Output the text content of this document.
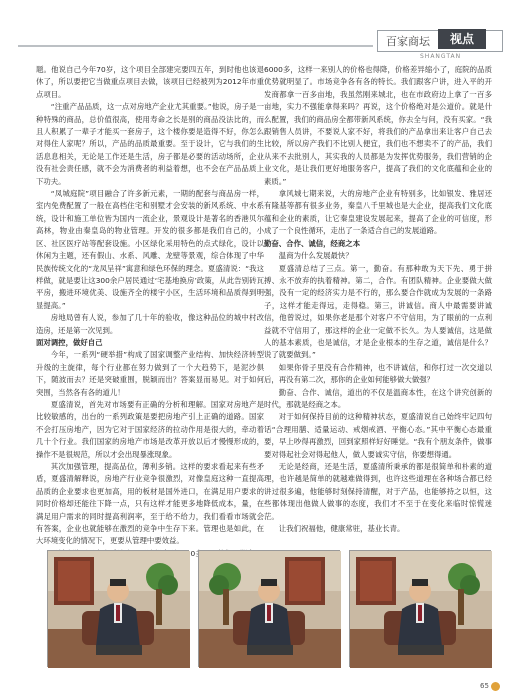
百家商坛	视点
SHANGTAN

题。他说自己今年70岁，这个项目全部建完要四五年，到时他也该退休了，所以要把它当做重点项目去做，该项目已经被列为2012年市重点项目。

“注重产品品质，这一点对房地产企业尤其重要。”他说，房子是一种特殊的商品，总价值很高，使用寿命之长是别的商品没法比的，而且人积累了一辈子才能买一套房子，这个楼你要是造得不好，你怎么对得住人家呢？所以，产品的品质最重要。至于设计，它与我们的生活息息相关，无论是工作还是生活，房子都是必要的活动场所，企业没有社会责任感，就不会为消费者的利益着想，也不会在产品品质上下功夫。

“凤城庭院”项目融合了许多新元素，一期的配套与商品房一样，室内免费配置了一般在高档住宅和别墅才会安装的新风系统、中水系统，设计和施工单位皆为国内一流企业，景观设计是著名的香港贝尔高林，物业由秦皇岛的物业管理。开发的很多都是我们自己的，小区、社区医疗站等配套设施。小区绿化采用特色的点式绿化，设计以休闲为主题，还有假山、水系、风雕、龙壁等景观，综合体现了中华民族传统文化的“龙凤呈祥”寓意和绿色环保的理念。夏盛清说：“我这样做，就是要让这300余户居民通过‘宅基地换房’政策，从此告别砖瓦平房，搬进环境优美、设施齐全的楼宇小区，生活环境和品质得到明显提高。”

房地局曾有人说，参加了几十年的验收，像这种品位的城中村改造房，还是第一次见到。

面对调控，做好自己

今年，一系列“硬举措”构成了国家调整产业结构、加快经济转型升级的主旋律，每个行业都在努力做到了一个大趋势下，是泥沙俱下，随波而去？还是突破重围，脱颖而出？答案显而易见。对于如何突围，当然各有各的道儿！

夏盛清说，首先对市场要有正确的分析和理解。国家对房地产是比较敏感的，出台的一系列政策是要把房地产引上正确的道路。国家不会打压房地产，因为它对于国家经济的拉动作用是很大的，牵动着几十个行业。我们国家的房地产市场是改革开放以后才慢慢形成的，操作不是很规范，所以才会出现暴涨现象。

其次加强管理，提高品位，薄利多销。这样的要求看起来有些矛盾，夏盛清解释说，房地产行业竞争很激烈，对像皇庭这种一直提高品质的企业要求也更加高，用的板材是国外进口，在满足用户要求的同时价格却还能往下降一点，只有这样才能更多地降低成本，量，在满足用户需求的同时提高利润率，至于给不给力，我们看看市场就会有答案，企业也就能够在激烈的竞争中生存下来。管理也是如此，在大环境变化的情况下，更要从管理中要效益。

6000多，这样一来别人的价格也得降，价格差异缩小了，庭院的品质优势就明显了。市场竞争各有各的特长。我们跟客户讲，进入平的开发商都拿一百多亩地，我虽然刚来城北，也在市政府边上拿了一百多亩地，实力不强能拿得来吗？再说，这个价格绝对是公道价。就是什么配置，我们的商品房全都带新风系统，你去全与问，没有买家。“我跟销售人员讲，不要说人家不好，将我们的产品拿出来让客户自己去比较，所以房产我们不比别人便宜，我们也不想卖不了的产品，我们从来不去批别人，其实我的人员都是为发挥优势服务，我们营销的企业文化，是让我们更好地服务客户，提高了我们的文化底蕴和企业的素质。”

拿风城七期来说，大的房地产企业有特别多，比如银发、雅居还有隆基等都有很多业务，秦皇八千里城也是大企业，提高我们文化底蕴和企业的素质，让它秦皇建设发展起来，提高了企业的可信度，形成了一个良性循环，走出了一条适合自己的发展道路。

勤奋、合作、诚信，经商之本

温商为什么发展最快？

夏盛清总结了三点。第一，勤奋。有那种敢为天下先、勇于拼搏、永不放弃的执着精神。第二，合作。有团队精神。企业要做大做强，没有一定的经济实力是不行的，那么要合作就成为发展的一条路子，这样才能走得远，走得稳。第三，讲诚信。商人中最需要讲诚信，他曾说过，如果你老是那个对客户不守信用，为了眼前的一点利益就不守信用了，那这样的企业一定做不长久。为人要诚信，这是做人的基本素质，也是诚信，才是企业根本的生存之道，诚信是什么？说了就要做到。”

如果你骨子里没有合作精神，也不讲诚信，和你打过一次交道以后，再没有第二次，那你的企业如何能够做大做强？

勤奋、合作、诚信，道出的不仅是温商本性，在这个讲究创新的时代，那就是经商之本。

对于如何保持目前的这种精神状态，夏盛清说自己始终牢记四句话“合理用膳、适量运动、戒烟戒酒、平衡心态。”其中平衡心态最重要，早上吵得再激烈，回到家照样好好睡觉。“我有个朋友条件，做事要对得起社会对得起他人，做人要诚实守信，你要想得通。

无论是经商，还是生活，夏盛清所秉承的都是很简单和朴素的道理，也许越是简单的就越难做得到，也许这些道理在各种场合都已经讲过很多遍，他能够时刻保持清醒，对于产品，也能够持之以恒，这些都体现出他做人做事的态度，我们才不至于在变化来临时惊慌迷茫。

让我们祝福他，健康常驻，基业长青。

65
